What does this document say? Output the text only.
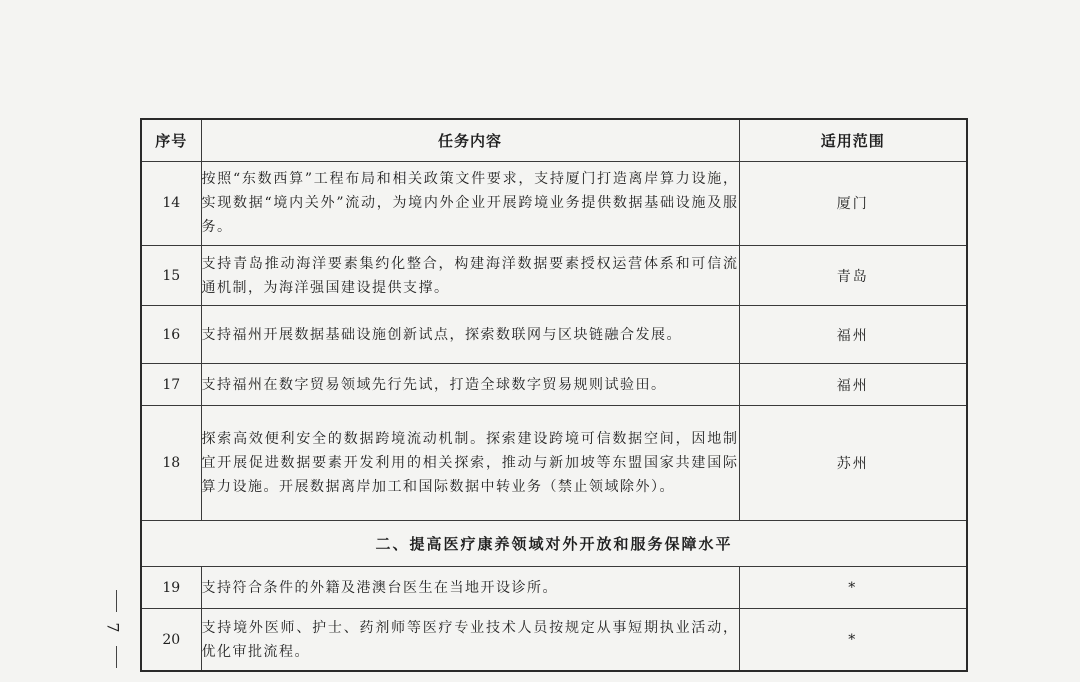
序号	任务内容	适用范围
14	按照“东数西算”工程布局和相关政策文件要求，支持厦门打造离岸算力设施，实现数据“境内关外”流动，为境内外企业开展跨境业务提供数据基础设施及服务。	厦门
15	支持青岛推动海洋要素集约化整合，构建海洋数据要素授权运营体系和可信流通机制，为海洋强国建设提供支撑。	青岛
16	支持福州开展数据基础设施创新试点，探索数联网与区块链融合发展。	福州
17	支持福州在数字贸易领域先行先试，打造全球数字贸易规则试验田。	福州
18	探索高效便利安全的数据跨境流动机制。探索建设跨境可信数据空间，因地制宜开展促进数据要素开发利用的相关探索，推动与新加坡等东盟国家共建国际算力设施。开展数据离岸加工和国际数据中转业务（禁止领域除外）。	苏州
二、提高医疗康养领域对外开放和服务保障水平		
19	支持符合条件的外籍及港澳台医生在当地开设诊所。	*
20	支持境外医师、护士、药剂师等医疗专业技术人员按规定从事短期执业活动，优化审批流程。	*
7
